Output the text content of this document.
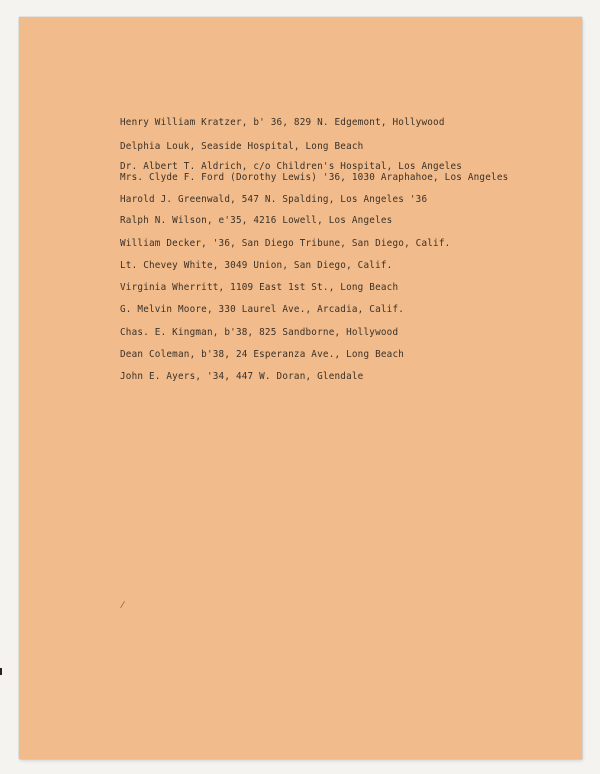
Henry William Kratzer, b' 36, 829 N. Edgemont, Hollywood
Delphia Louk, Seaside Hospital, Long Beach
Dr. Albert T. Aldrich, c/o Children's Hospital, Los Angeles
Mrs. Clyde F. Ford (Dorothy Lewis) '36, 1030 Araphahoe, Los Angeles
Harold J. Greenwald, 547 N. Spalding, Los Angeles '36
Ralph N. Wilson, e'35, 4216 Lowell, Los Angeles
William Decker, '36, San Diego Tribune, San Diego, Calif.
Lt. Chevey White, 3049 Union, San Diego, Calif.
Virginia Wherritt, 1109 East 1st St., Long Beach
G. Melvin Moore, 330 Laurel Ave., Arcadia, Calif.
Chas. E. Kingman, b'38, 825 Sandborne, Hollywood
Dean Coleman, b'38, 24 Esperanza Ave., Long Beach
John E. Ayers, '34, 447 W. Doran, Glendale
/
